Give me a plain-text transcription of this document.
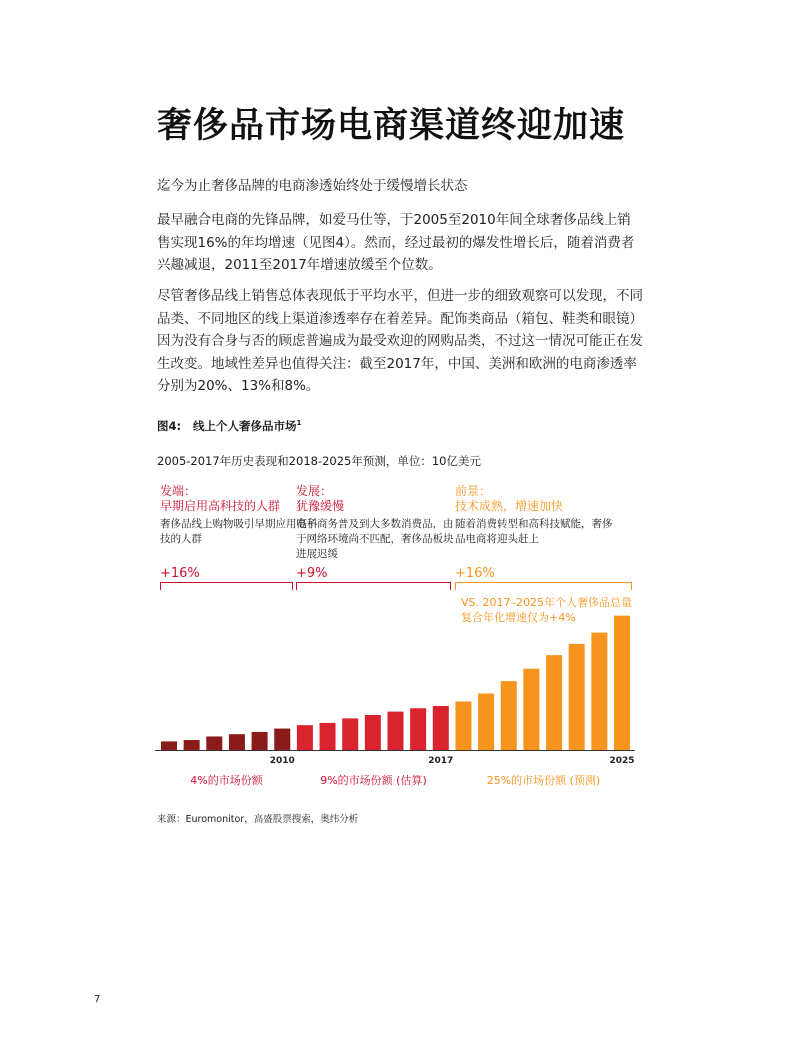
奢侈品市场电商渠道终迎加速

迄今为止奢侈品牌的电商渗透始终处于缓慢增长状态

最早融合电商的先锋品牌，如爱马仕等，于2005至2010年间全球奢侈品线上销售实现16%的年均增速（见图4）。然而，经过最初的爆发性增长后，随着消费者兴趣减退，2011至2017年增速放缓至个位数。

尽管奢侈品线上销售总体表现低于平均水平，但进一步的细致观察可以发现，不同品类、不同地区的线上渠道渗透率存在着差异。配饰类商品（箱包、鞋类和眼镜）因为没有合身与否的顾虑普遍成为最受欢迎的网购品类，不过这一情况可能正在发生改变。地域性差异也值得关注：截至2017年，中国、美洲和欧洲的电商渗透率分别为20%、13%和8%。

图4: 线上个人奢侈品市场$^1$

2005-2017年历史表现和2018-2025年预测，单位：10亿美元

发端：
早期启用高科技的人群
奢侈品线上购物吸引早期应用高科技的人群
+16%
发展：
犹豫缓慢
电子商务普及到大多数消费品，由于网络环境尚不匹配，奢侈品板块进展迟缓
+9%
前景：
技术成熟，增速加快
随着消费转型和高科技赋能，奢侈品电商将迎头赶上
+16%
2010	2017	2025

VS. 2017–2025年个人奢侈品总量
复合年化增速仅为+4%

4%的市场份额	9%的市场份额 (估算)	25%的市场份额 (预测)

来源：Euromonitor，高盛股票搜索，奥纬分析

7
